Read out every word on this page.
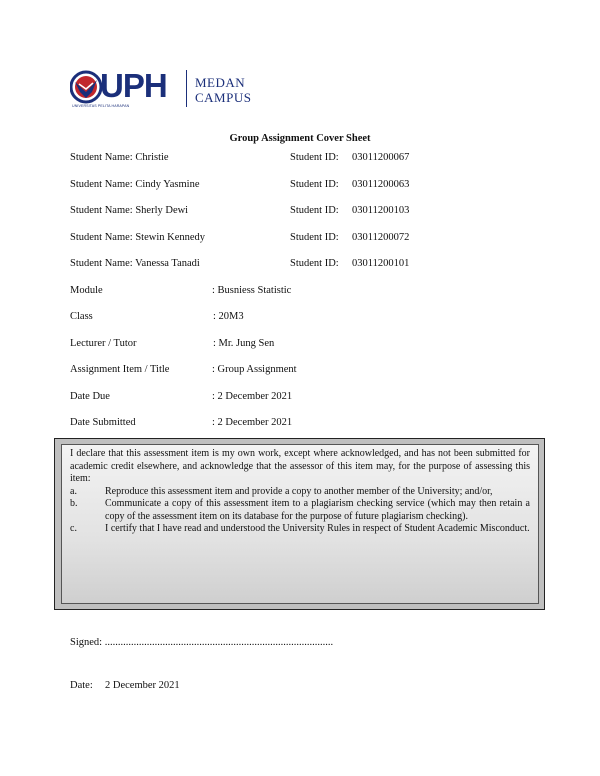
UPH
UNIVERSITAS PELITA HARAPAN
MEDAN
CAMPUS
Group Assignment Cover Sheet
Student Name: Christie	Student ID: 03011200067
Student Name: Cindy Yasmine	Student ID: 03011200063
Student Name: Sherly Dewi	Student ID: 03011200103
Student Name: Stewin Kennedy	Student ID: 03011200072
Student Name: Vanessa Tanadi	Student ID: 03011200101
Module	: Busniess Statistic
Class	: 20M3
Lecturer / Tutor	: Mr. Jung Sen
Assignment Item / Title	: Group Assignment
Date Due	: 2 December 2021
Date Submitted	: 2 December 2021

I declare that this assessment item is my own work, except where acknowledged, and has not been submitted for academic credit elsewhere, and acknowledge that the assessor of this item may, for the purpose of assessing this item:

a.	Reproduce this assessment item and provide a copy to another member of the University; and/or,
b.	Communicate a copy of this assessment item to a plagiarism checking service (which may then retain a copy of the assessment item on its database for the purpose of future plagiarism checking).
c.	I certify that I have read and understood the University Rules in respect of Student Academic Misconduct.
Signed: .......................................................................................
Date: 2 December 2021
